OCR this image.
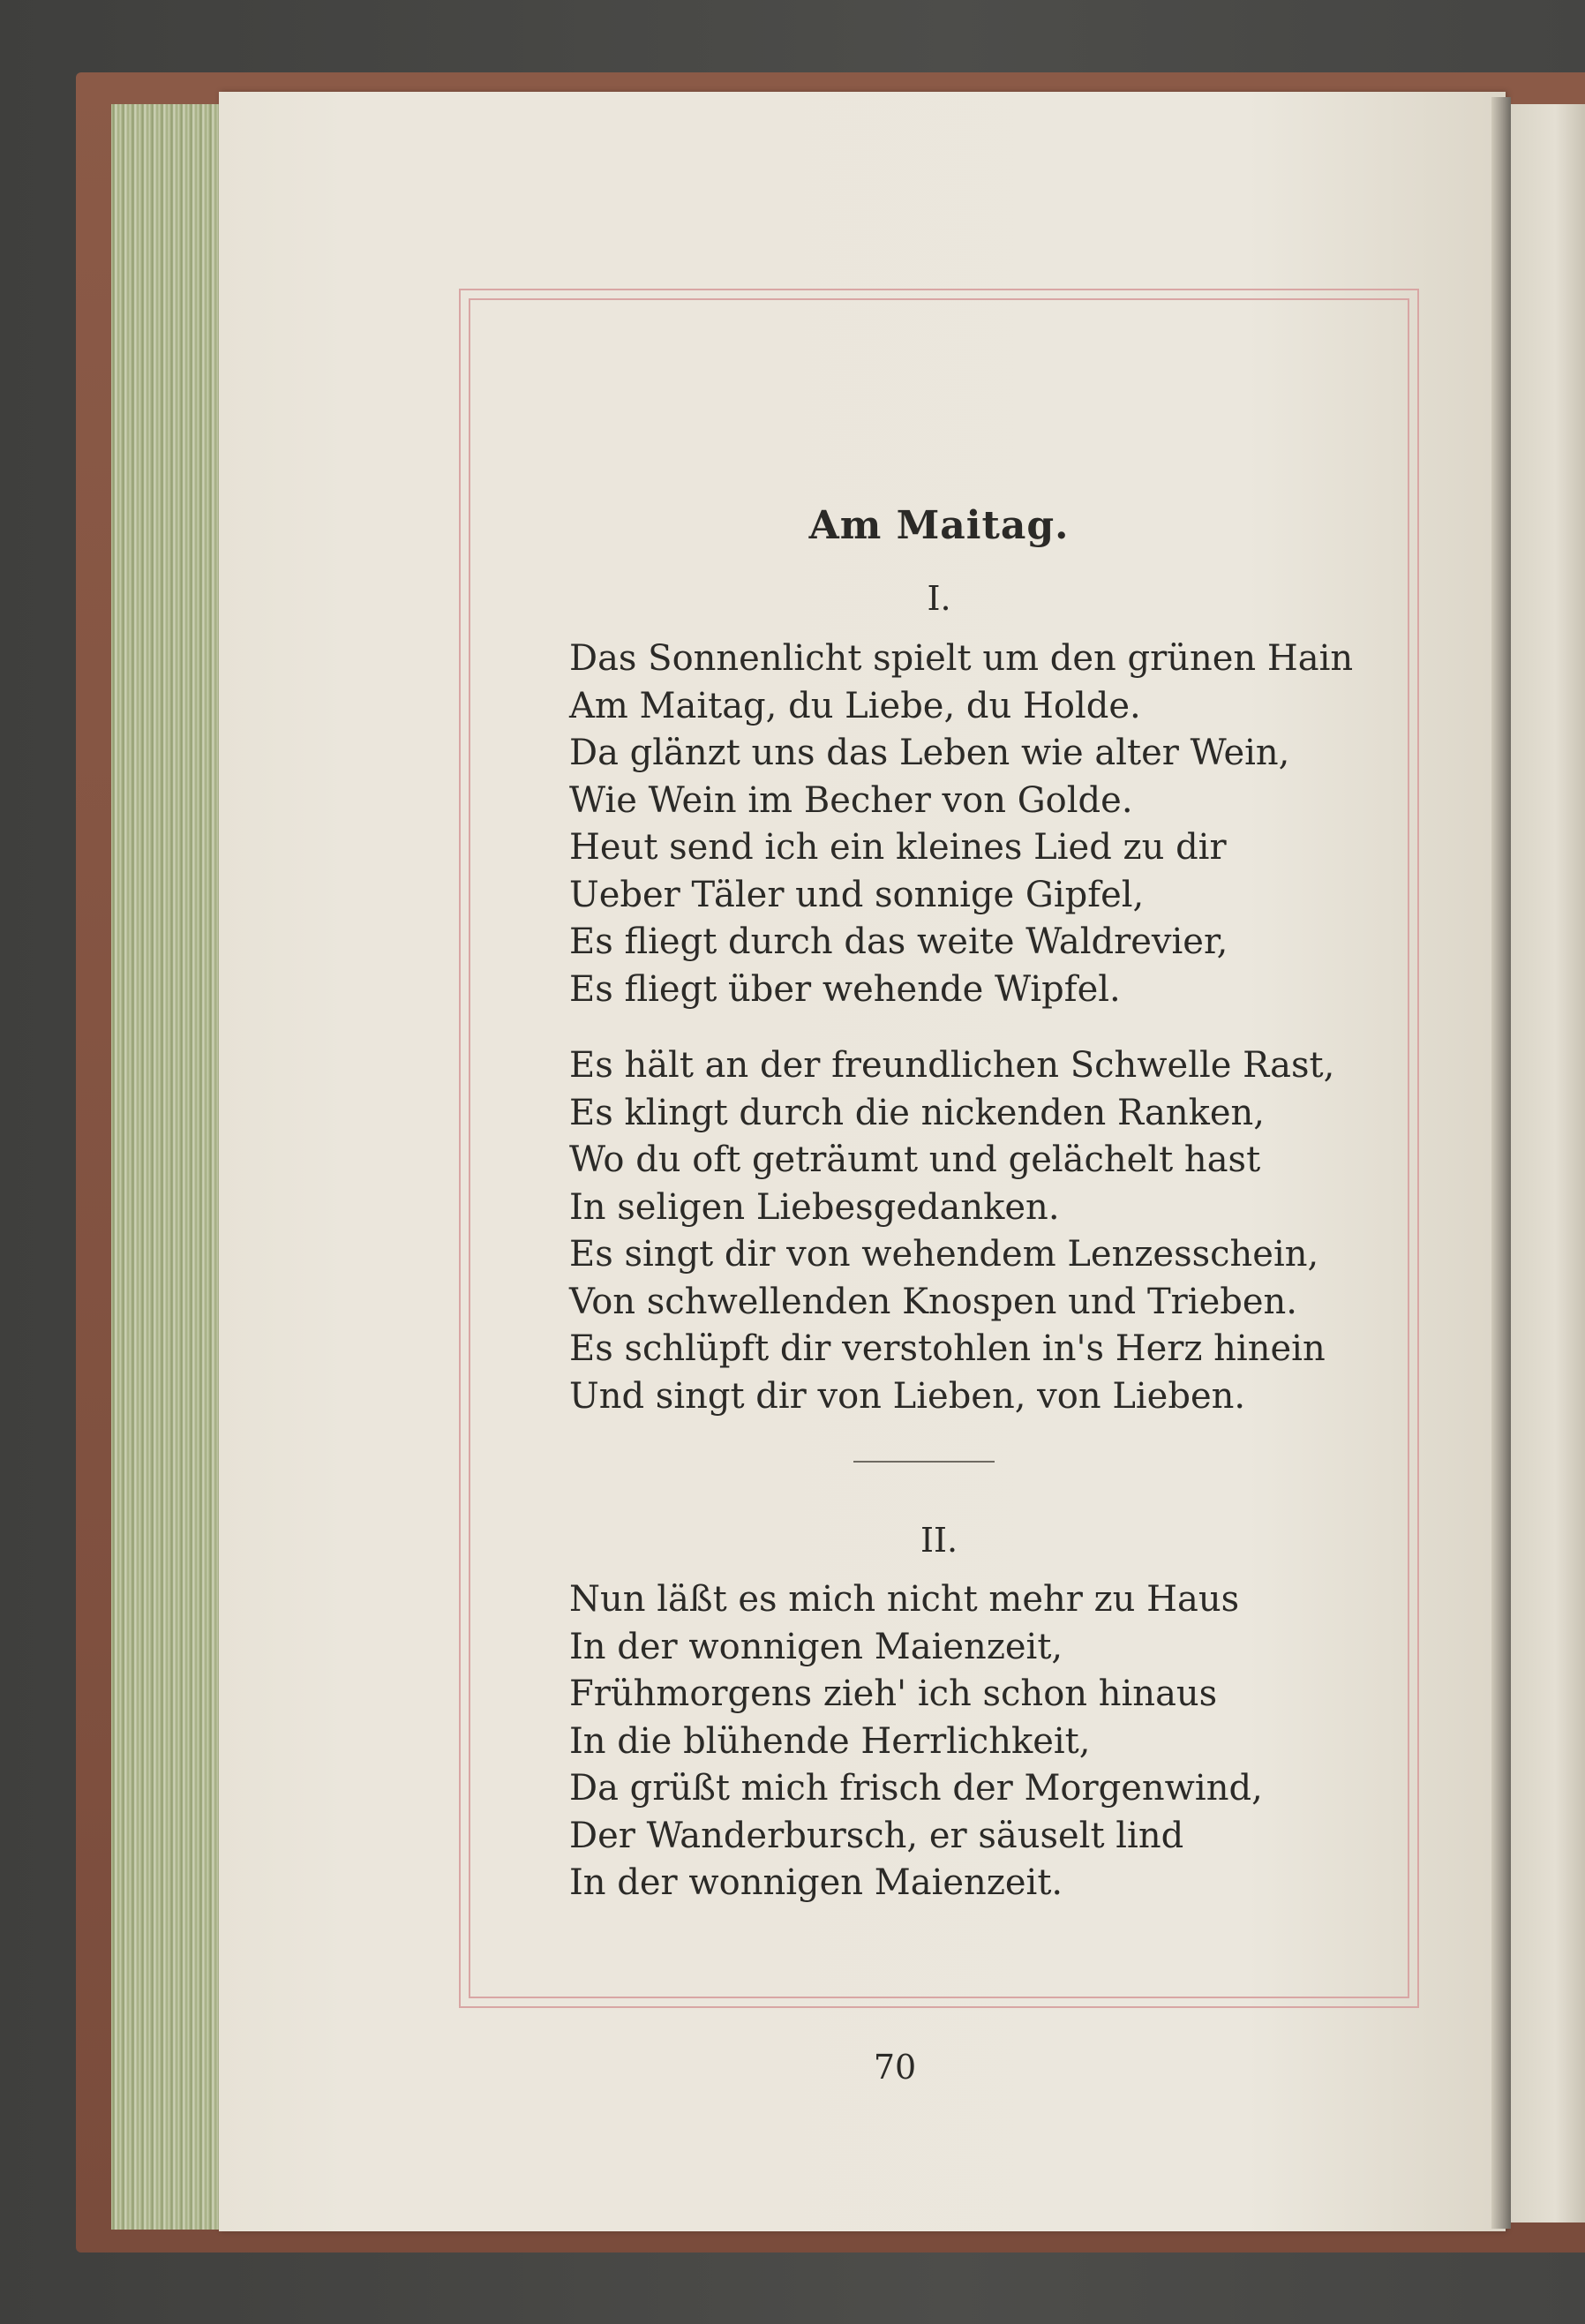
Am Maitag.
I.
Das Sonnenlicht spielt um den grünen Hain
Am Maitag, du Liebe, du Holde.
Da glänzt uns das Leben wie alter Wein,
Wie Wein im Becher von Golde.
Heut send ich ein kleines Lied zu dir
Ueber Täler und sonnige Gipfel,
Es fliegt durch das weite Waldrevier,
Es fliegt über wehende Wipfel.
Es hält an der freundlichen Schwelle Rast,
Es klingt durch die nickenden Ranken,
Wo du oft geträumt und gelächelt hast
In seligen Liebesgedanken.
Es singt dir von wehendem Lenzesschein,
Von schwellenden Knospen und Trieben.
Es schlüpft dir verstohlen in's Herz hinein
Und singt dir von Lieben, von Lieben.
II.
Nun läßt es mich nicht mehr zu Haus
In der wonnigen Maienzeit,
Frühmorgens zieh' ich schon hinaus
In die blühende Herrlichkeit,
Da grüßt mich frisch der Morgenwind,
Der Wanderbursch, er säuselt lind
In der wonnigen Maienzeit.
70
